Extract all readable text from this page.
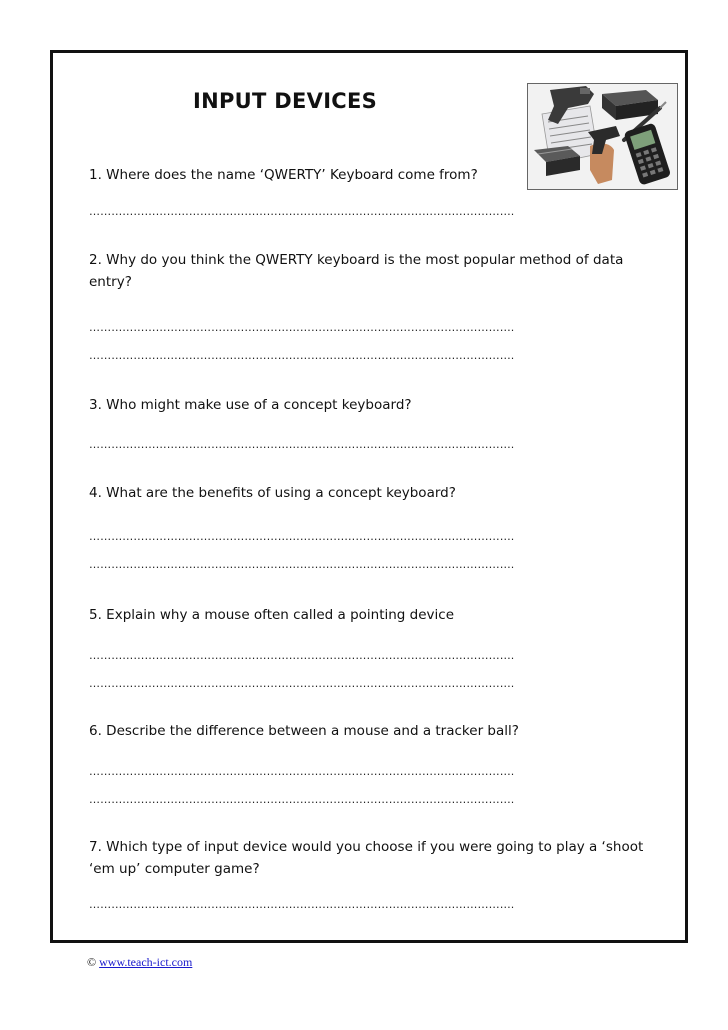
INPUT DEVICES
1. Where does the name ‘QWERTY’ Keyboard come from?
…………………………………………………………………………………………………….
2. Why do you think the QWERTY keyboard is the most popular method of data entry?
…………………………………………………………………………………………………….
…………………………………………………………………………………………………….
3. Who might make use of a concept keyboard?
…………………………………………………………………………………………………….
4. What are the benefits of using a concept keyboard?
…………………………………………………………………………………………………….
…………………………………………………………………………………………………….
5. Explain why a mouse often called a pointing device
…………………………………………………………………………………………………….
…………………………………………………………………………………………………….
6. Describe the difference between a mouse and a tracker ball?
…………………………………………………………………………………………………….
…………………………………………………………………………………………………….
7. Which type of input device would you choose if you were going to play a ‘shoot ‘em up’ computer game?
…………………………………………………………………………………………………….
© www.teach-ict.com
